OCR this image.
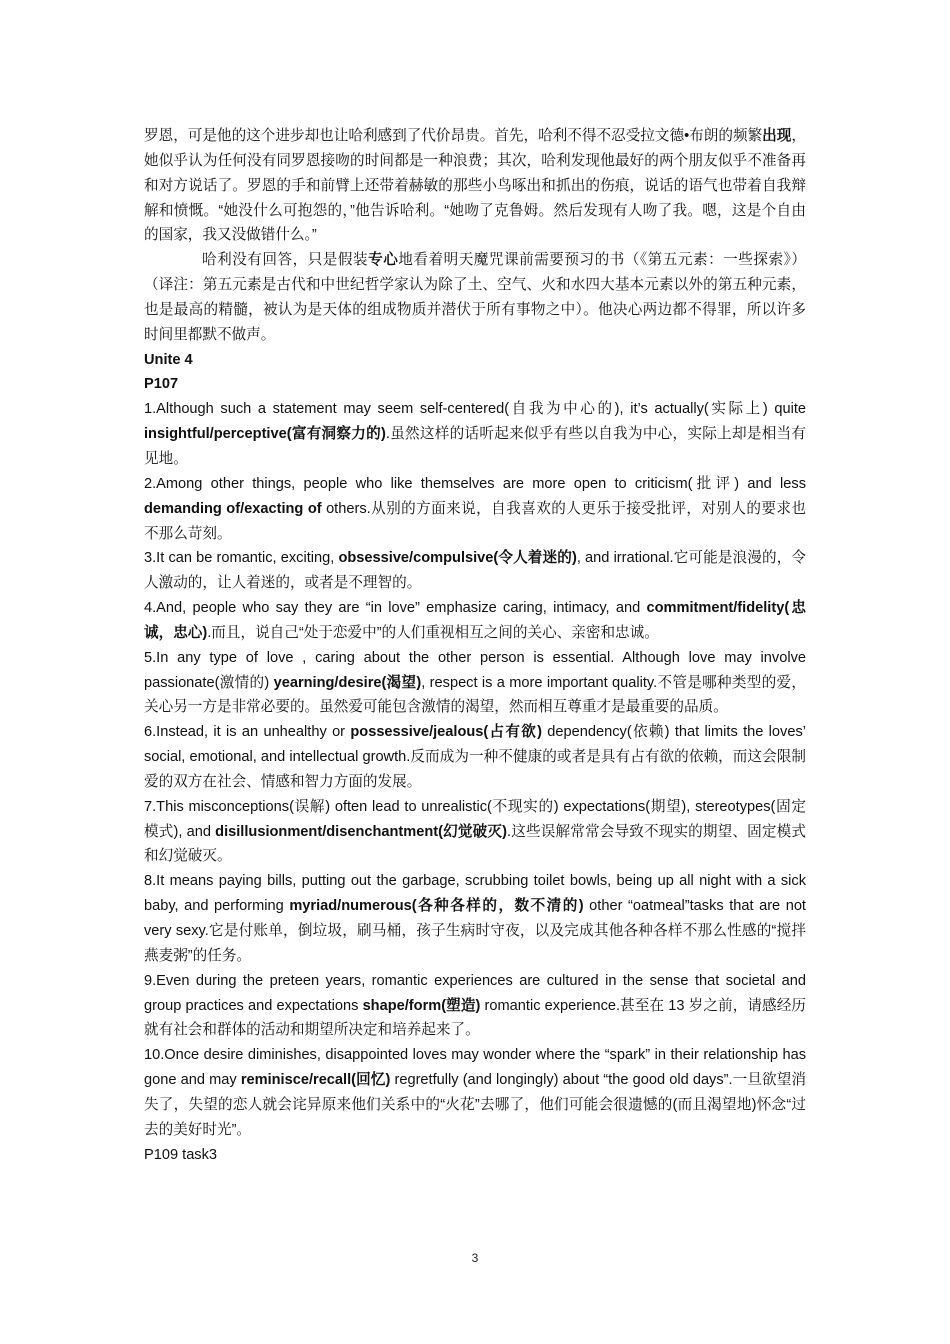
罗恩，可是他的这个进步却也让哈利感到了代价昂贵。首先，哈利不得不忍受拉文德•布朗的频繁出现，她似乎认为任何没有同罗恩接吻的时间都是一种浪费；其次，哈利发现他最好的两个朋友似乎不准备再和对方说话了。罗恩的手和前臂上还带着赫敏的那些小鸟啄出和抓出的伤痕，说话的语气也带着自我辩解和愤慨。“她没什么可抱怨的，”他告诉哈利。“她吻了克鲁姆。然后发现有人吻了我。嗯，这是个自由的国家，我又没做错什么。”

哈利没有回答，只是假装专心地看着明天魔咒课前需要预习的书（《第五元素：一些探索》）（译注：第五元素是古代和中世纪哲学家认为除了土、空气、火和水四大基本元素以外的第五种元素，也是最高的精髓，被认为是天体的组成物质并潜伏于所有事物之中）。他决心两边都不得罪，所以许多时间里都默不做声。

Unite 4

P107

1.Although such a statement may seem self-centered(自我为中心的), it’s actually(实际上) quite insightful/perceptive(富有洞察力的).虽然这样的话听起来似乎有些以自我为中心，实际上却是相当有见地。

2.Among other things, people who like themselves are more open to criticism(批评) and less demanding of/exacting of others.从别的方面来说，自我喜欢的人更乐于接受批评，对别人的要求也不那么苛刻。

3.It can be romantic, exciting, obsessive/compulsive(令人着迷的), and irrational.它可能是浪漫的，令人激动的，让人着迷的，或者是不理智的。

4.And, people who say they are “in love” emphasize caring, intimacy, and commitment/fidelity(忠诚，忠心).而且，说自己“处于恋爱中”的人们重视相互之间的关心、亲密和忠诚。

5.In any type of love , caring about the other person is essential. Although love may involve passionate(激情的) yearning/desire(渴望), respect is a more important quality.不管是哪种类型的爱，关心另一方是非常必要的。虽然爱可能包含激情的渴望，然而相互尊重才是最重要的品质。

6.Instead, it is an unhealthy or possessive/jealous(占有欲) dependency(依赖) that limits the loves’ social, emotional, and intellectual growth.反而成为一种不健康的或者是具有占有欲的依赖，而这会限制爱的双方在社会、情感和智力方面的发展。

7.This misconceptions(误解) often lead to unrealistic(不现实的) expectations(期望), stereotypes(固定模式), and disillusionment/disenchantment(幻觉破灭).这些误解常常会导致不现实的期望、固定模式和幻觉破灭。

8.It means paying bills, putting out the garbage, scrubbing toilet bowls, being up all night with a sick baby, and performing myriad/numerous(各种各样的，数不清的) other “oatmeal”tasks that are not very sexy.它是付账单，倒垃圾，刷马桶，孩子生病时守夜，以及完成其他各种各样不那么性感的“搅拌燕麦粥”的任务。

9.Even during the preteen years, romantic experiences are cultured in the sense that societal and group practices and expectations shape/form(塑造) romantic experience.甚至在 13 岁之前，请感经历就有社会和群体的活动和期望所决定和培养起来了。

10.Once desire diminishes, disappointed loves may wonder where the “spark” in their relationship has gone and may reminisce/recall(回忆) regretfully (and longingly) about “the good old days”.一旦欲望消失了，失望的恋人就会诧异原来他们关系中的“火花”去哪了，他们可能会很遗憾的(而且渴望地)怀念“过去的美好时光”。

P109 task3

3
